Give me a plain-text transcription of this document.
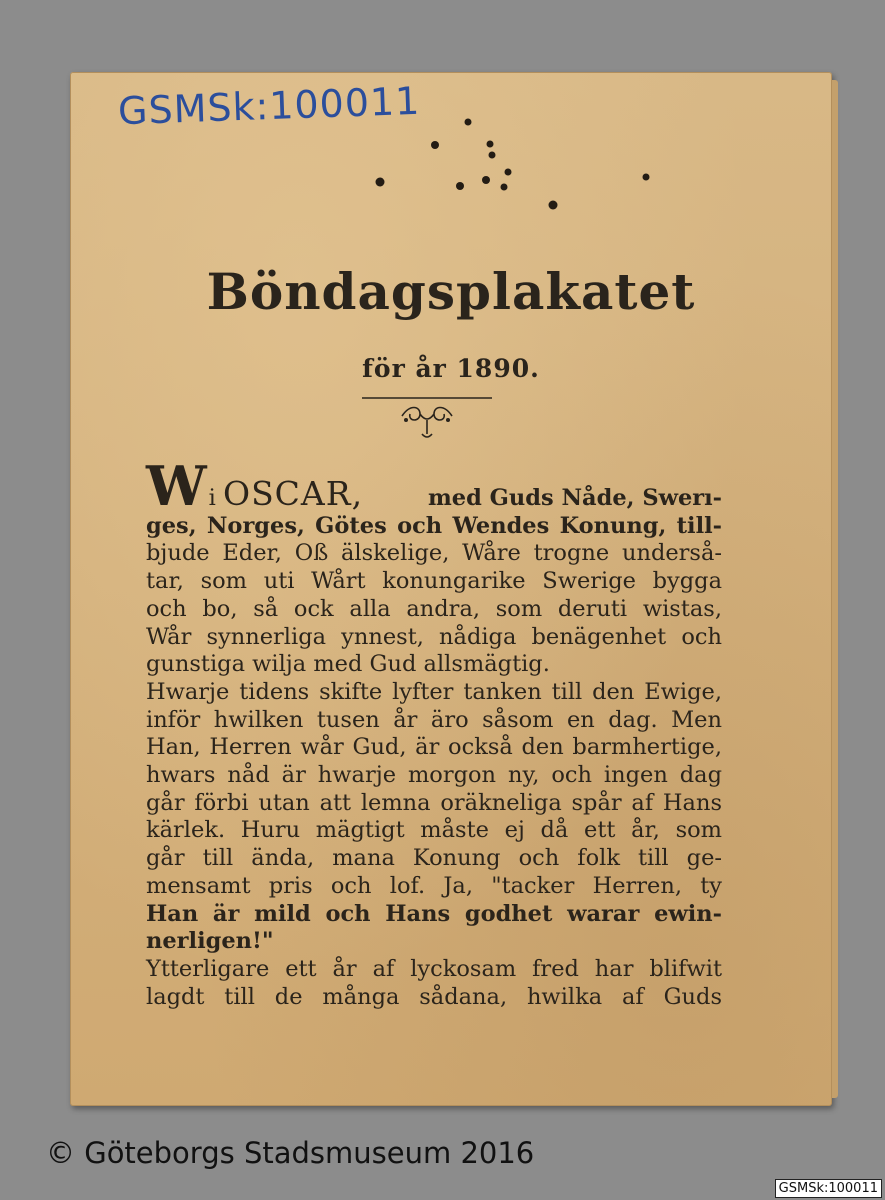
GSMSk:100011
Böndagsplakatet
för år 1890.
Wi OSCAR,	med Guds Nåde, Swerı-
ges, Norges, Götes och Wendes Konung, till-
bjude Eder, Oß älskelige, Wåre trogne underså-
tar, som uti Wårt konungarike Swerige bygga
och bo, så ock alla andra, som deruti wistas,
Wår synnerliga ynnest, nådiga benägenhet och
gunstiga wilja med Gud allsmägtig.
Hwarje tidens skifte lyfter tanken till den Ewige,
inför hwilken tusen år äro såsom en dag. Men
Han, Herren wår Gud, är också den barmhertige,
hwars nåd är hwarje morgon ny, och ingen dag
går förbi utan att lemna oräkneliga spår af Hans
kärlek. Huru mägtigt måste ej då ett år, som
går till ända, mana Konung och folk till ge-
mensamt pris och lof. Ja, "tacker Herren, ty
Han är mild och Hans godhet warar ewin-
nerligen!"
Ytterligare ett år af lyckosam fred har blifwit
lagdt till de många sådana, hwilka af Guds
© Göteborgs Stadsmuseum 2016
GSMSk:100011
